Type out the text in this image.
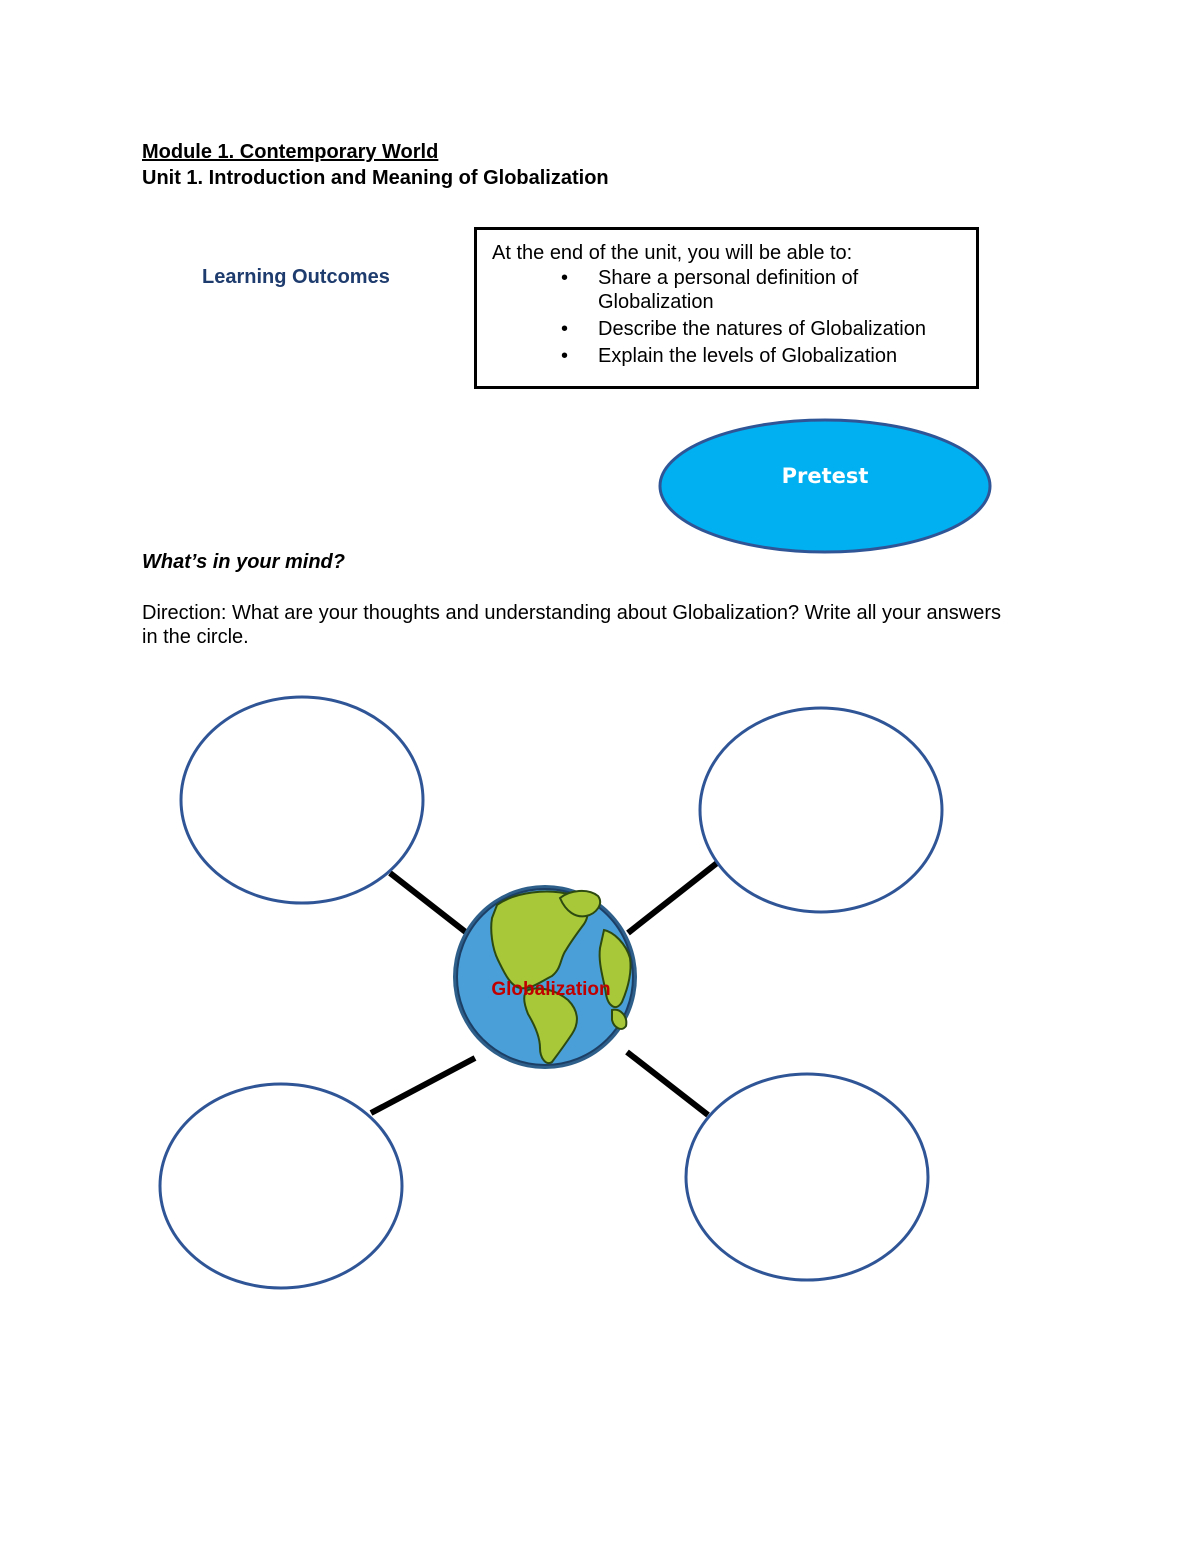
Module 1. Contemporary World
Unit 1. Introduction and Meaning of Globalization
Learning Outcomes
At the end of the unit, you will be able to:
• Share a personal definition of Globalization
• Describe the natures of Globalization
• Explain the levels of Globalization
Pretest
What’s in your mind?
Direction: What are your thoughts and understanding about Globalization? Write all your answers in the circle.
Globalization
